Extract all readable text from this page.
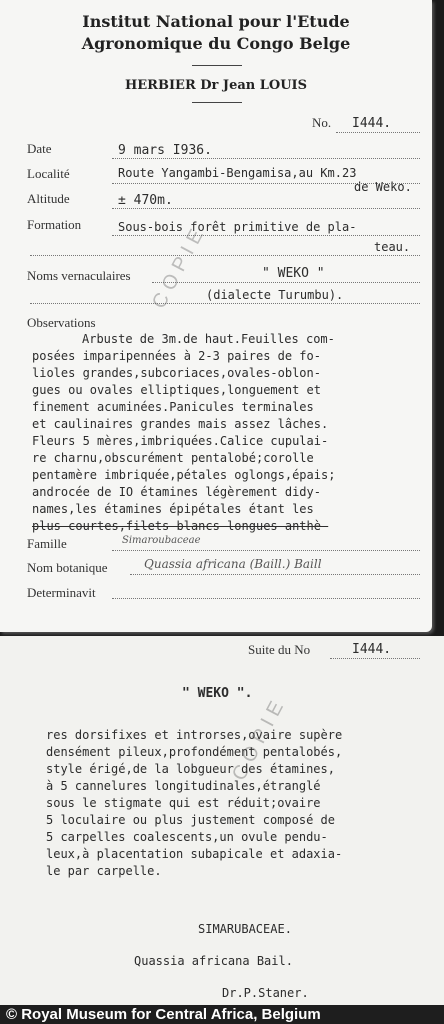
Institut National pour l'Etude
Agronomique du Congo Belge
HERBIER Dr Jean LOUIS
No. I444.
Date	9 mars I936.
Localité	Route Yangambi-Bengamisa,au Km.23
de Weko.
Altitude	± 470m.
Formation	Sous-bois forêt primitive de pla-
teau.
Noms vernaculaires	" WEKO "
(dialecte Turumbu).
Observations
Arbuste de 3m.de haut.Feuilles com-
posées imparipennées à 2-3 paires de fo-
lioles grandes,subcoriaces,ovales-oblon-
gues ou ovales elliptiques,longuement et
finement acuminées.Panicules terminales
et caulinaires grandes mais assez lâches.
Fleurs 5 mères,imbriquées.Calice cupulai-
re charnu,obscurément pentalobé;corolle
pentamère imbriquée,pétales oglongs,épais;
androcée de IO étamines légèrement didy-
names,les étamines épipétales étant les
plus courtes,filets blancs longues anthè-
Famille	Simaroubaceae
Nom botanique	Quassia africana (Baill.) Baill
Determinavit
COPIE
Suite du No	I444.
" WEKO ".
res dorsifixes et introrses,ovaire supère
densément pileux,profondément pentalobés,
style érigé,de la lobgueur des étamines,
à 5 cannelures longitudinales,étranglé
sous le stigmate qui est réduit;ovaire
5 loculaire ou plus justement composé de
5 carpelles coalescents,un ovule pendu-
leux,à placentation subapicale et adaxia-
le par carpelle.
SIMARUBACEAE.
Quassia africana Bail.
Dr.P.Staner.
COPIE
© Royal Museum for Central Africa, Belgium
